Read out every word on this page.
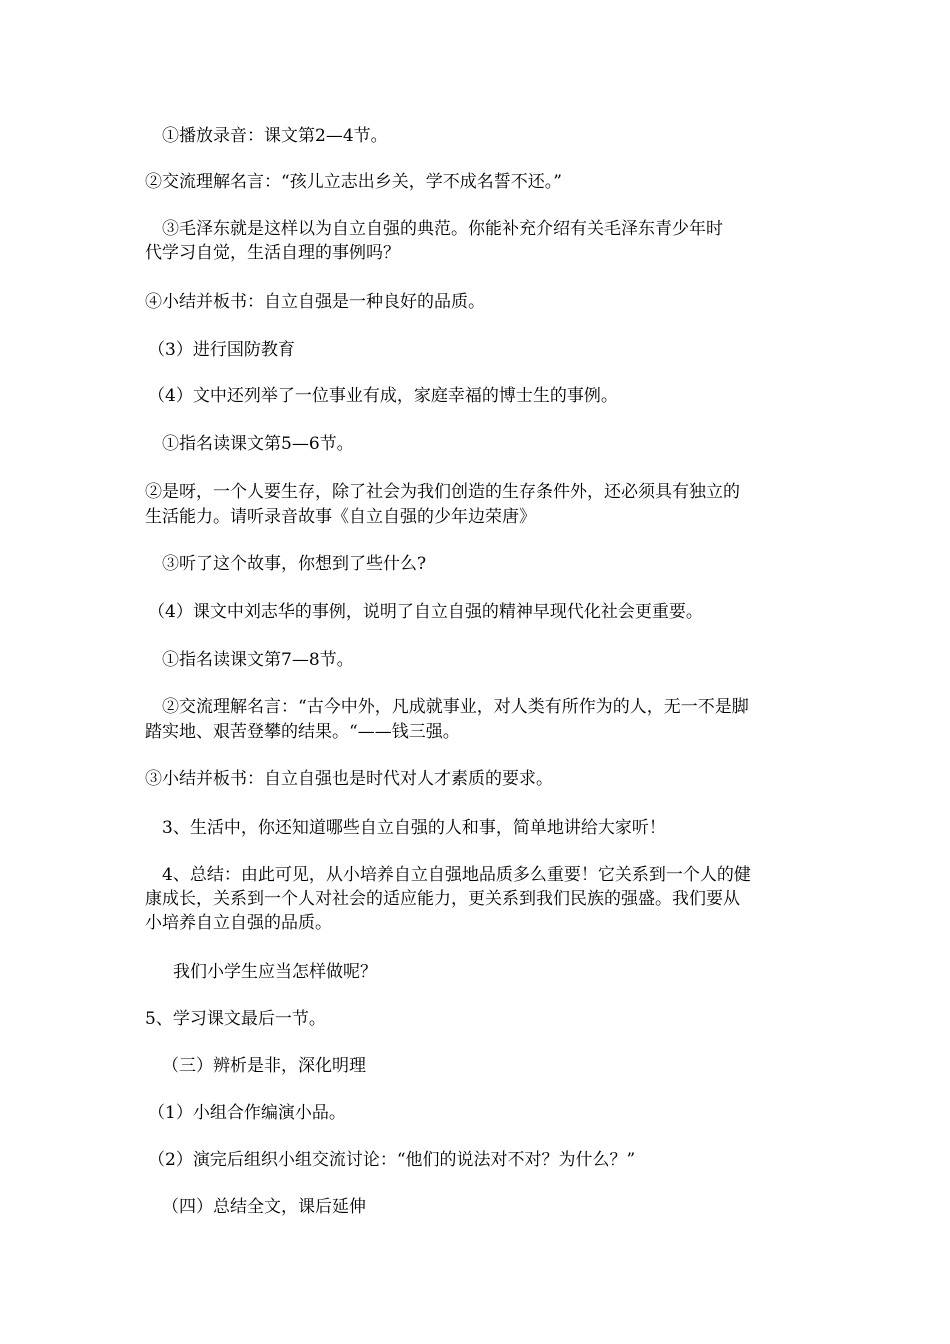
①播放录音：课文第2—4节。
②交流理解名言：“孩儿立志出乡关，学不成名誓不还。”
③毛泽东就是这样以为自立自强的典范。你能补充介绍有关毛泽东青少年时
代学习自觉，生活自理的事例吗？
④小结并板书：自立自强是一种良好的品质。
（3）进行国防教育
（4）文中还列举了一位事业有成，家庭幸福的博士生的事例。
①指名读课文第5—6节。
②是呀，一个人要生存，除了社会为我们创造的生存条件外，还必须具有独立的
生活能力。请听录音故事《自立自强的少年边荣唐》
③听了这个故事，你想到了些什么?
（4）课文中刘志华的事例，说明了自立自强的精神早现代化社会更重要。
①指名读课文第7—8节。
②交流理解名言：“古今中外，凡成就事业，对人类有所作为的人，无一不是脚
踏实地、艰苦登攀的结果。“——钱三强。
③小结并板书：自立自强也是时代对人才素质的要求。
3、生活中，你还知道哪些自立自强的人和事，简单地讲给大家听！
4、总结：由此可见，从小培养自立自强地品质多么重要！它关系到一个人的健
康成长，关系到一个人对社会的适应能力，更关系到我们民族的强盛。我们要从
小培养自立自强的品质。
我们小学生应当怎样做呢？
5、学习课文最后一节。
（三）辨析是非，深化明理
（1）小组合作编演小品。
（2）演完后组织小组交流讨论：“他们的说法对不对？为什么？”
（四）总结全文，课后延伸
